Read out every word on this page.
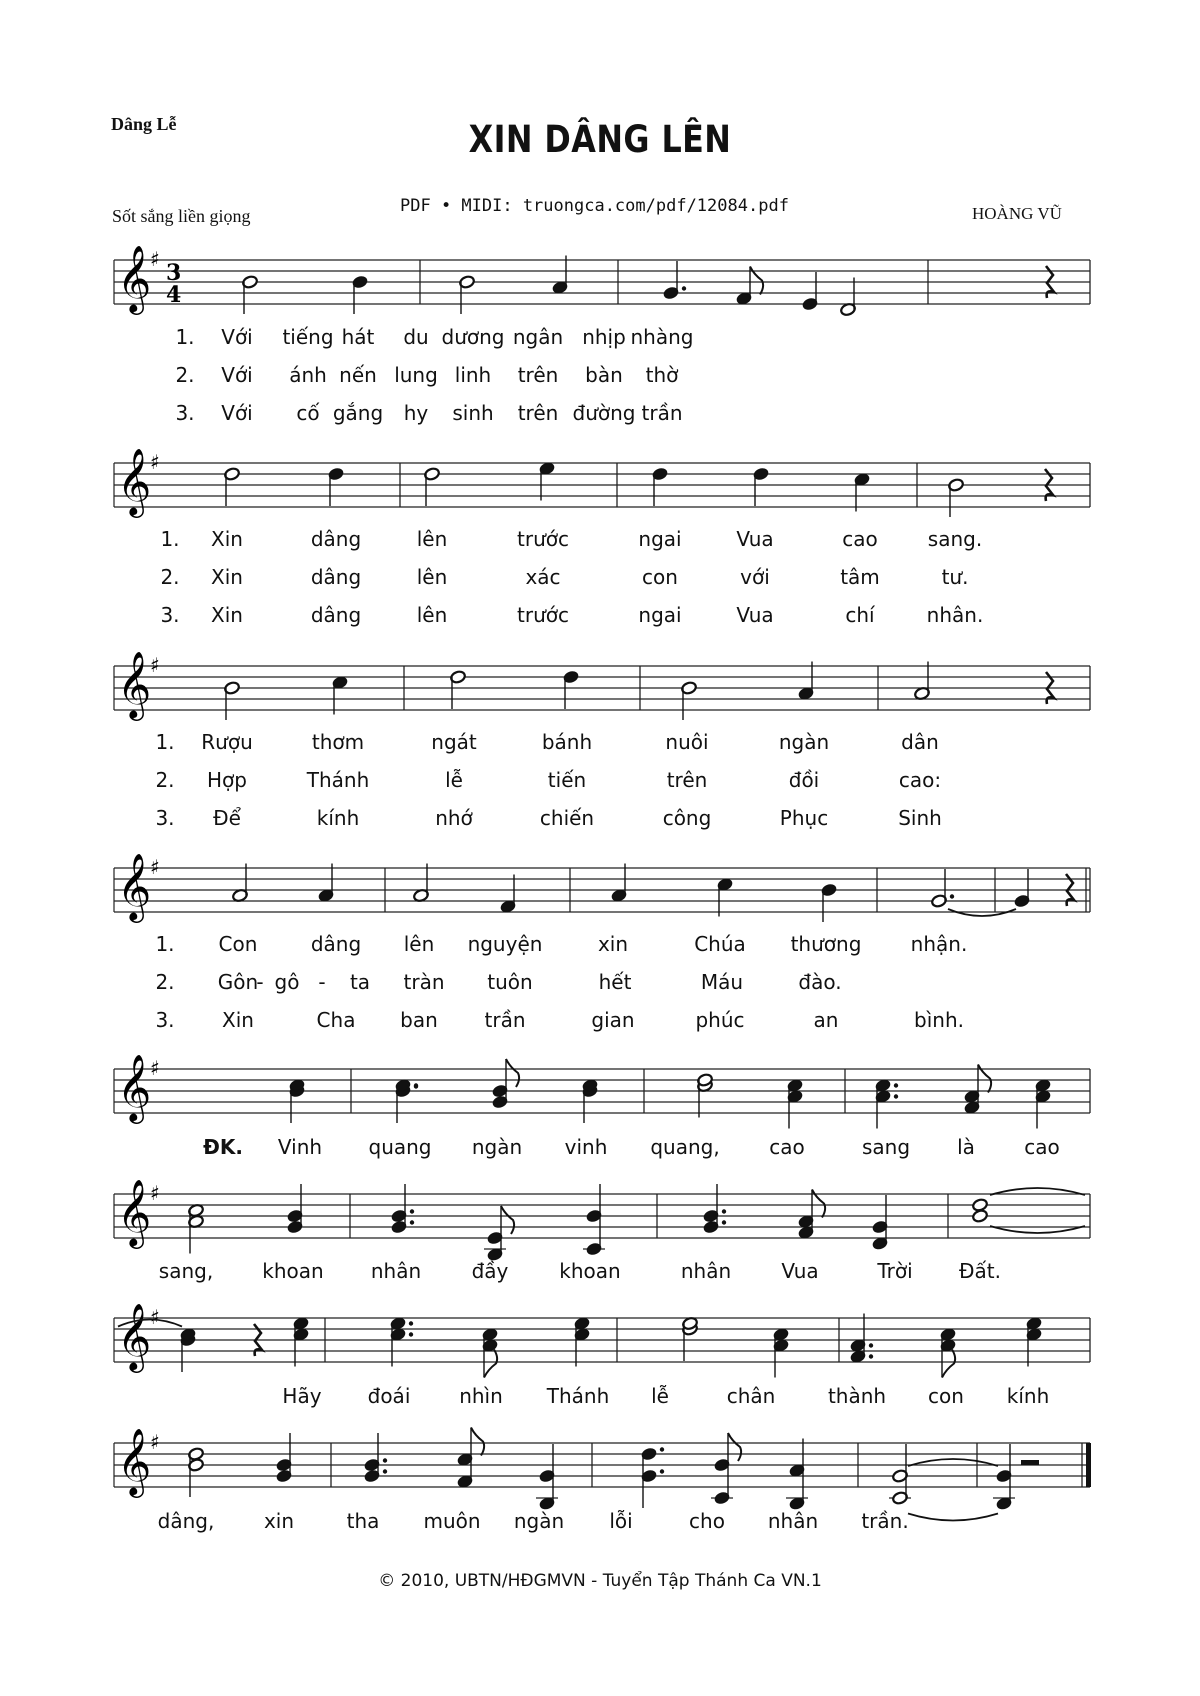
Dâng Lễ	XIN DÂNG LÊN
Sốt sắng liền giọng	PDF • MIDI: truongca.com/pdf/12084.pdf	HOÀNG VŨ
𝄞
♯
3
4
𝄞
♯
𝄞
♯
𝄞
♯
𝄞
♯
𝄞
♯
𝄞
♯
𝄞
♯
1. Với tiếng hát du dương ngân nhịp nhàng
2. Với ánh nến lung linh trên bàn thờ
3. Với cố gắng hy sinh trên đường trần
1. Xin	dâng	lên	trước	ngai	Vua	cao	sang.
2. Xin	dâng	lên	xác	con	với	tâm	tư.
3. Xin	dâng	lên	trước	ngai	Vua	chí	nhân.
1. Rượu	thơm	ngát	bánh	nuôi	ngàn	dân
2. Hợp	Thánh	lễ	tiến	trên	đồi	cao:
3. Để	kính	nhớ	chiến	công	Phục	Sinh
1. Con	dâng lên nguyện	xin	Chúa thương nhận.
2. Gôn
- gô - ta tràn tuôn	hết	Máu	đào.
3. Xin	Cha ban trần	gian	phúc	an	bình.
ĐK. Vinh quang ngàn vinh quang, cao	sang là cao
sang, khoan nhân	đầy	khoan	nhân	Vua	Trời Đất.
Hãy đoái nhìn Thánh lễ	chân	thành con kính
dâng, xin	tha muôn ngàn lỗi	cho nhân trần.
© 2010, UBTN/HĐGMVN - Tuyển Tập Thánh Ca VN.1
